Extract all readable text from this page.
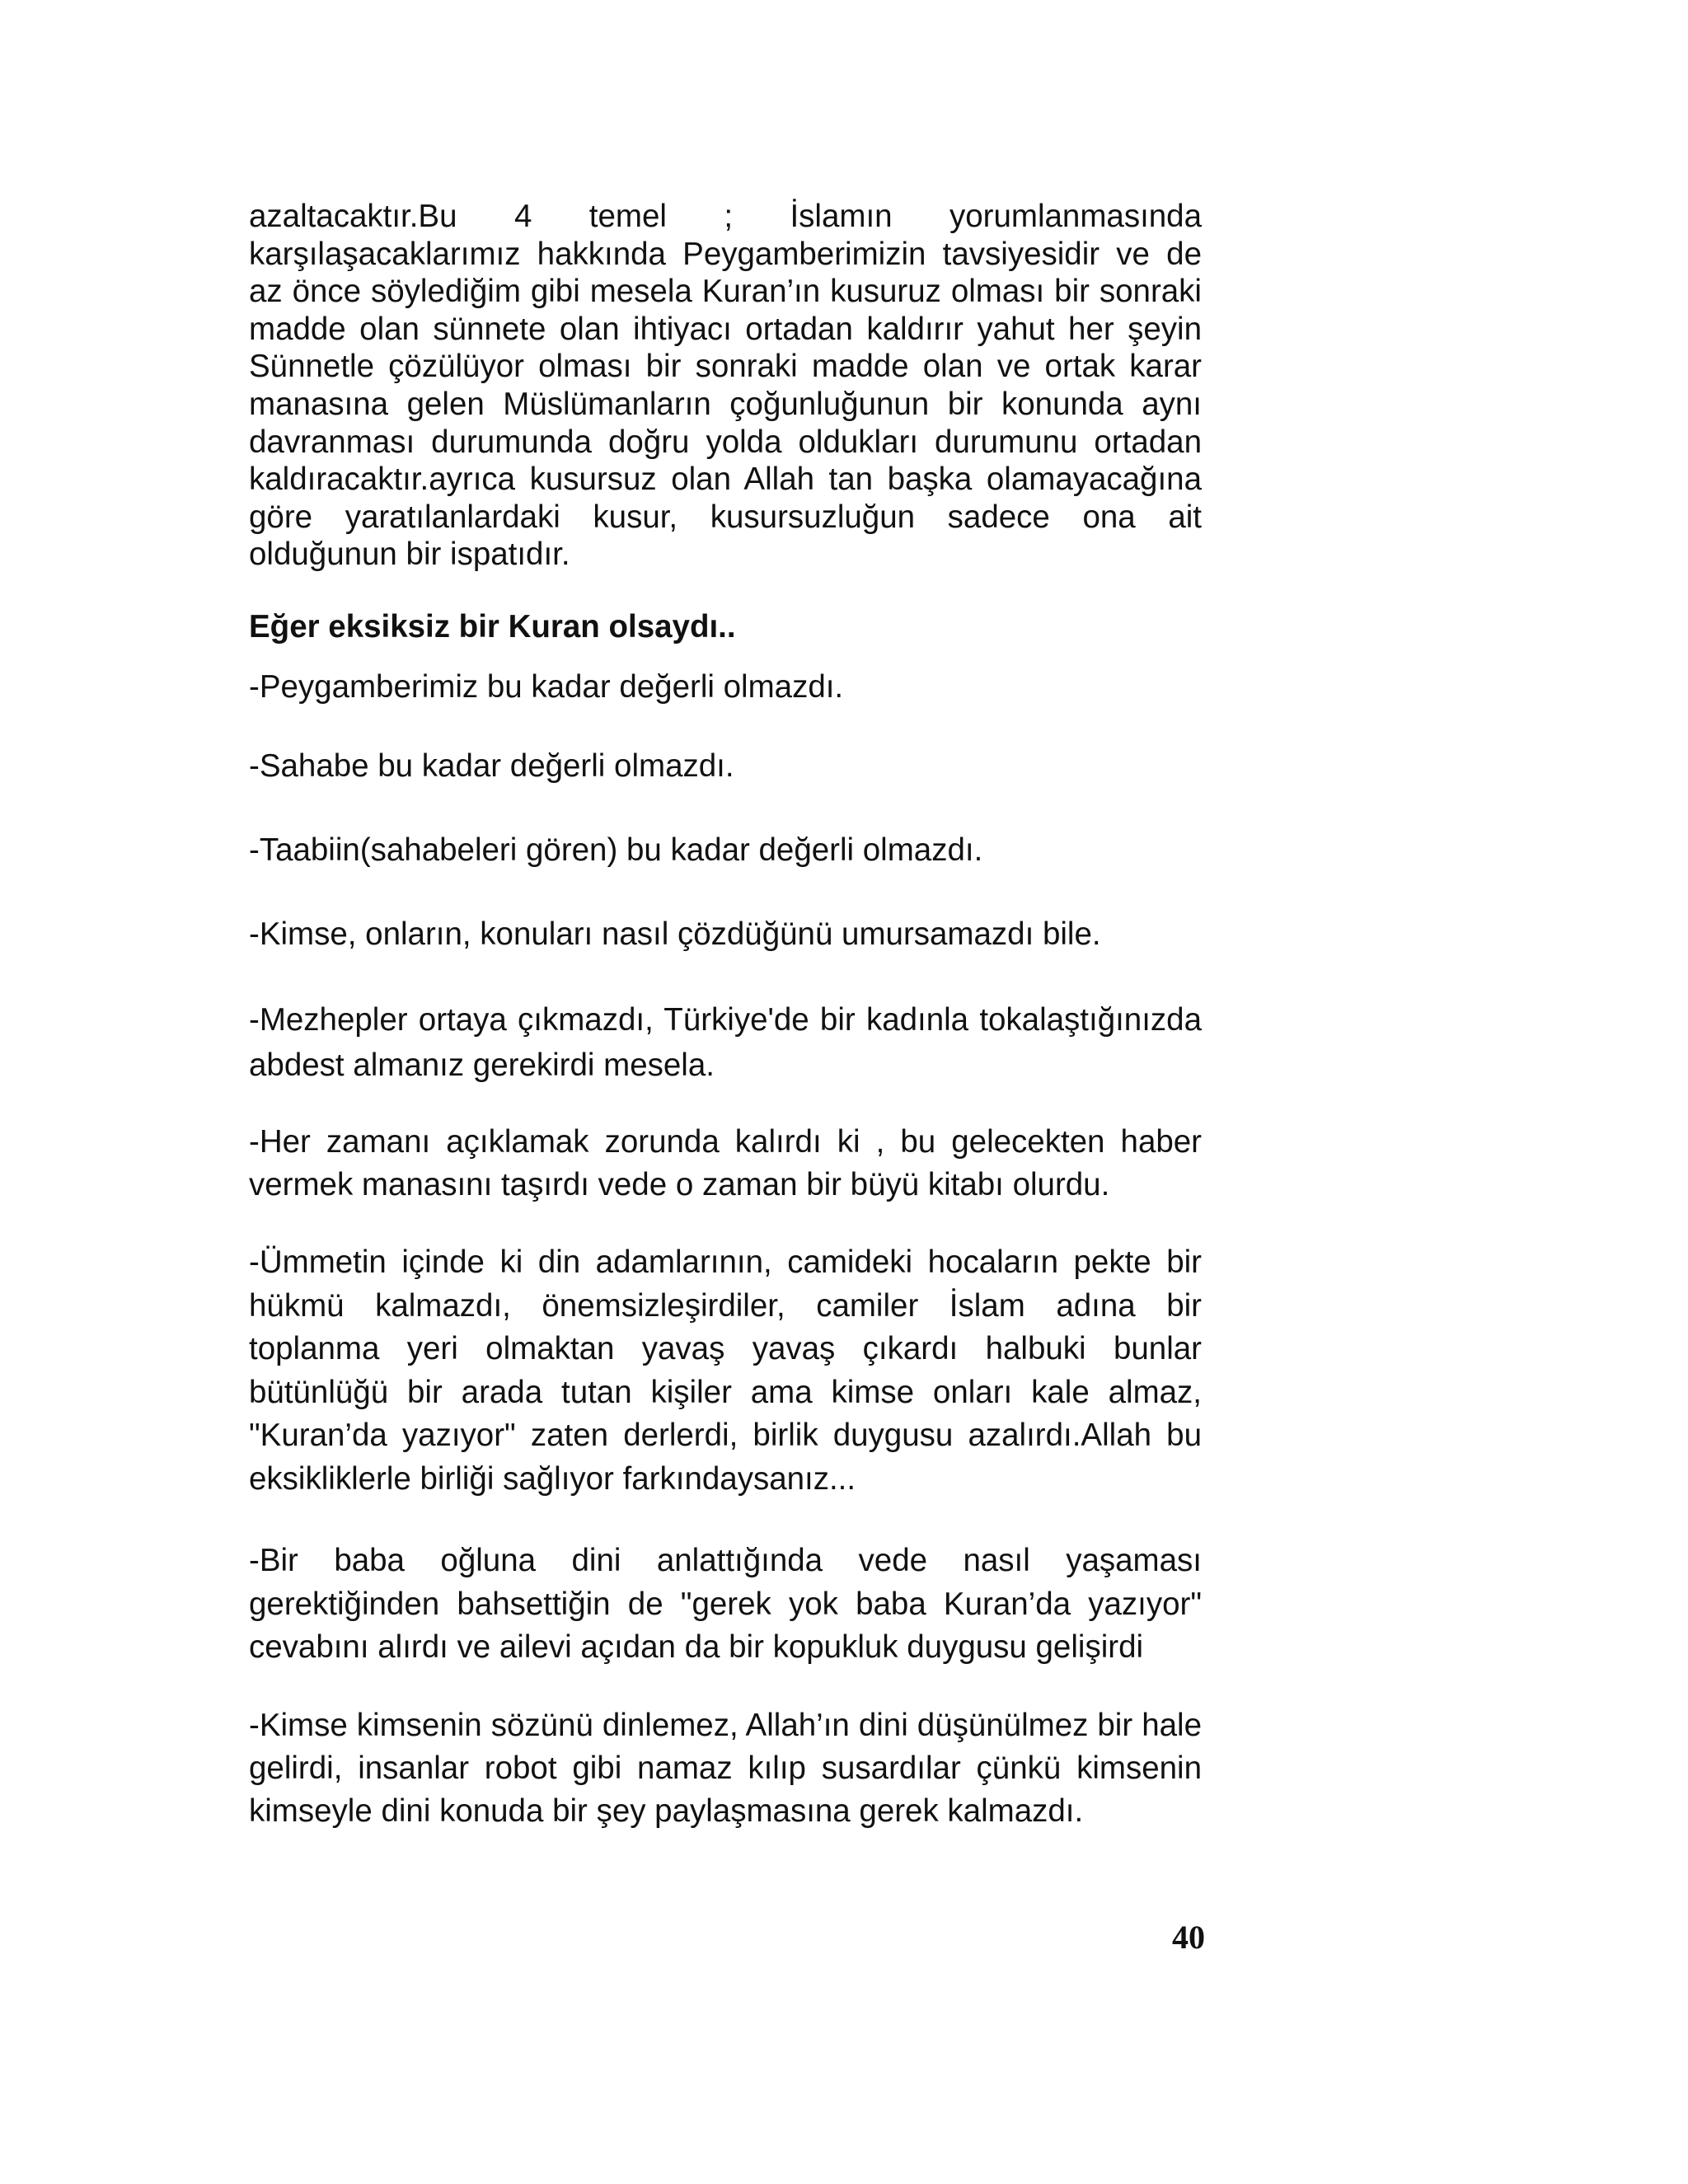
azaltacaktır.Bu 4 temel ; İslamın yorumlanmasında karşılaşacaklarımız hakkında Peygamberimizin tavsiyesidir ve de az önce söylediğim gibi mesela Kuran’ın kusuruz olması bir sonraki madde olan sünnete olan ihtiyacı ortadan kaldırır yahut her şeyin Sünnetle çözülüyor olması bir sonraki madde olan ve ortak karar manasına gelen Müslümanların çoğunluğunun bir konunda aynı davranması durumunda doğru yolda oldukları durumunu ortadan kaldıracaktır.ayrıca kusursuz olan Allah tan başka olamayacağına göre yaratılanlardaki kusur, kusursuzluğun sadece ona ait olduğunun bir ispatıdır.

Eğer eksiksiz bir Kuran olsaydı..

-Peygamberimiz bu kadar değerli olmazdı.

-Sahabe bu kadar değerli olmazdı.

-Taabiin(sahabeleri gören) bu kadar değerli olmazdı.

-Kimse, onların, konuları nasıl çözdüğünü umursamazdı bile.

-Mezhepler ortaya çıkmazdı, Türkiye'de bir kadınla tokalaştığınızda abdest almanız gerekirdi mesela.

-Her zamanı açıklamak zorunda kalırdı ki , bu gelecekten haber vermek manasını taşırdı vede o zaman bir büyü kitabı olurdu.

-Ümmetin içinde ki din adamlarının, camideki hocaların pekte bir hükmü kalmazdı, önemsizleşirdiler, camiler İslam adına bir toplanma yeri olmaktan yavaş yavaş çıkardı halbuki bunlar bütünlüğü bir arada tutan kişiler ama kimse onları kale almaz, "Kuran’da yazıyor" zaten derlerdi, birlik duygusu azalırdı.Allah bu eksikliklerle birliği sağlıyor farkındaysanız...

-Bir baba oğluna dini anlattığında vede nasıl yaşaması gerektiğinden bahsettiğin de "gerek yok baba Kuran’da yazıyor" cevabını alırdı ve ailevi açıdan da bir kopukluk duygusu gelişirdi

-Kimse kimsenin sözünü dinlemez, Allah’ın dini düşünülmez bir hale gelirdi, insanlar robot gibi namaz kılıp susardılar çünkü kimsenin kimseyle dini konuda bir şey paylaşmasına gerek kalmazdı.

40
